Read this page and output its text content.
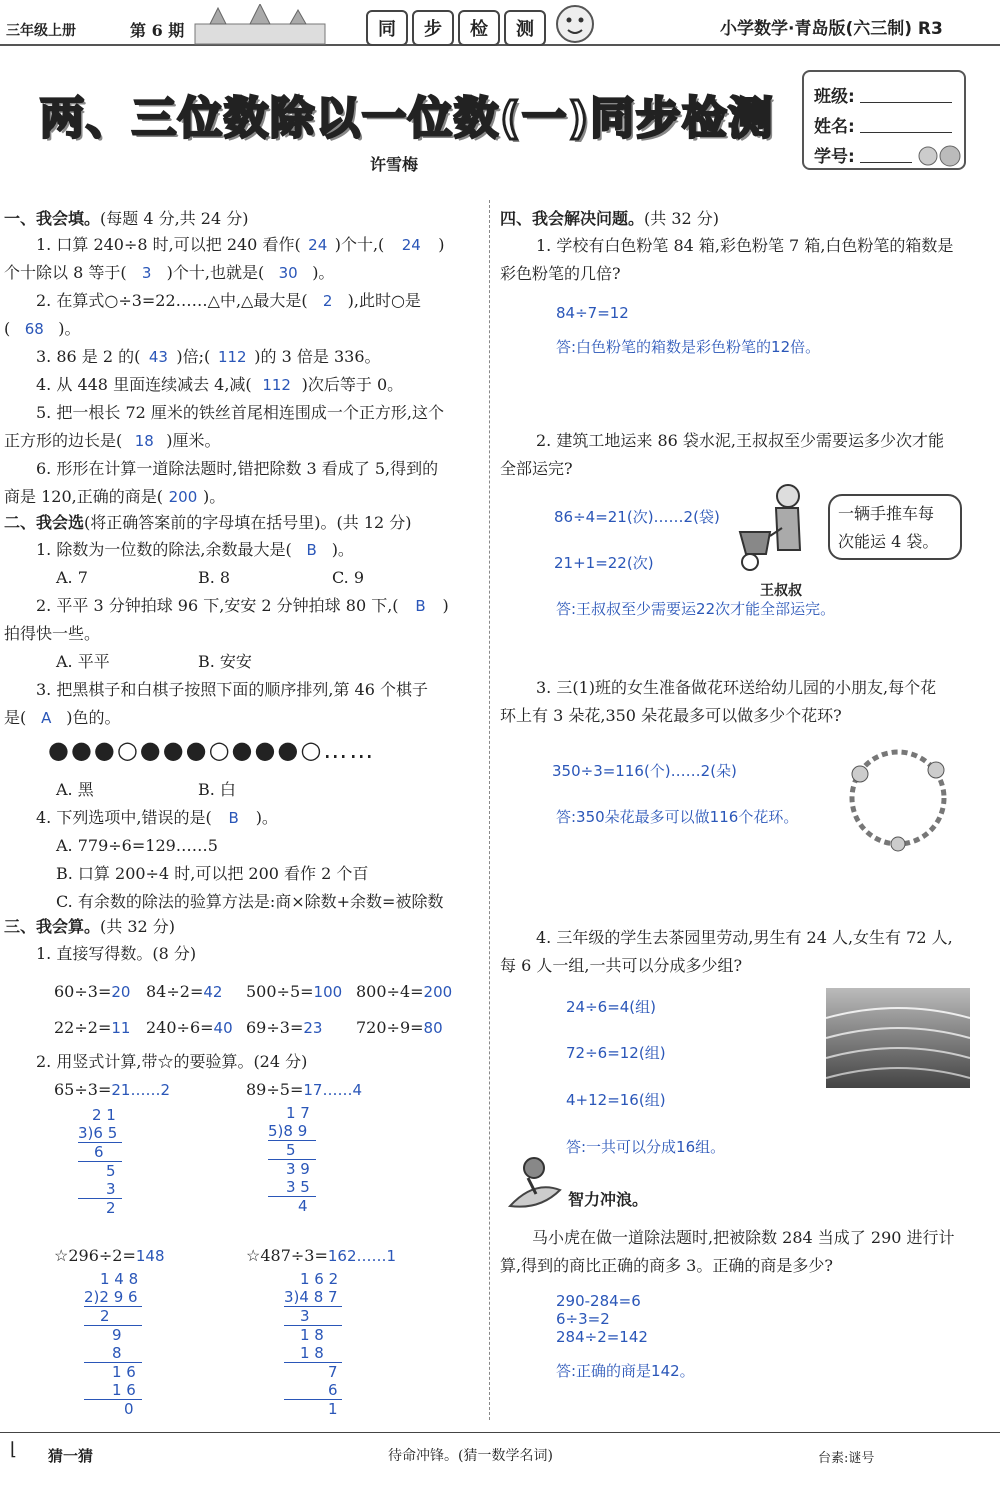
三年级上册	第 6 期	同	步	检	测	小学数学·青岛版(六三制) R3
两、三位数除以一位数(一)同步检测
许雪梅
班级:
姓名:
学号:
一、我会填。(每题 4 分,共 24 分)
1. 口算 240÷8 时,可以把 240 看作( 24 )个十,( 24 )
个十除以 8 等于( 3 )个十,也就是( 30 )。
2. 在算式○÷3=22……△中,△最大是( 2 ),此时○是
( 68 )。
3. 86 是 2 的( 43 )倍;( 112 )的 3 倍是 336。
4. 从 448 里面连续减去 4,减( 112 )次后等于 0。
5. 把一根长 72 厘米的铁丝首尾相连围成一个正方形,这个
正方形的边长是( 18 )厘米。
6. 形形在计算一道除法题时,错把除数 3 看成了 5,得到的
商是 120,正确的商是( 200 )。
二、我会选(将正确答案前的字母填在括号里)。(共 12 分)
1. 除数为一位数的除法,余数最大是( B )。
A. 7	B. 8	C. 9
2. 平平 3 分钟拍球 96 下,安安 2 分钟拍球 80 下,( B )
拍得快一些。
A. 平平	B. 安安
3. 把黑棋子和白棋子按照下面的顺序排列,第 46 个棋子
是( A )色的。
●●●○●●●○●●●○……
A. 黑	B. 白
4. 下列选项中,错误的是( B )。
A. 779÷6=129……5
B. 口算 200÷4 时,可以把 200 看作 2 个百
C. 有余数的除法的验算方法是:商×除数+余数=被除数
三、我会算。(共 32 分)
1. 直接写得数。(8 分)
60÷3=20 84÷2=42 500÷5=100 800÷4=200
22÷2=11 240÷6=40 69÷3=23 720÷9=80
2. 用竖式计算,带☆的要验算。(24 分)
65÷3=21……2
2 1
3)6 5
6
5
3
2
89÷5=17……4
1 7
5)8 9
5
3 9
3 5
4
☆296÷2=148
1 4 8
2)2 9 6
2
9
8
1 6
1 6
0
☆487÷3=162……1
1 6 2
3)4 8 7
3
1 8
1 8
7
6
1
四、我会解决问题。(共 32 分)
1. 学校有白色粉笔 84 箱,彩色粉笔 7 箱,白色粉笔的箱数是
彩色粉笔的几倍?
84÷7=12
答:白色粉笔的箱数是彩色粉笔的12倍。
2. 建筑工地运来 86 袋水泥,王叔叔至少需要运多少次才能
全部运完?
86÷4=21(次)……2(袋)
21+1=22(次)
王叔叔
一辆手推车每
次能运 4 袋。
答:王叔叔至少需要运22次才能全部运完。
3. 三(1)班的女生准备做花环送给幼儿园的小朋友,每个花
环上有 3 朵花,350 朵花最多可以做多少个花环?
350÷3=116(个)……2(朵)
答:350朵花最多可以做116个花环。
4. 三年级的学生去茶园里劳动,男生有 24 人,女生有 72 人,
每 6 人一组,一共可以分成多少组?
24÷6=4(组)
72÷6=12(组)
4+12=16(组)
答:一共可以分成16组。
智力冲浪。
马小虎在做一道除法题时,把被除数 284 当成了 290 进行计
算,得到的商比正确的商多 3。正确的商是多少?
290-284=6
6÷3=2
284÷2=142
答:正确的商是142。
⌊ 猜一猜	待命冲锋。(猜一数学名词)	台素:谜号
